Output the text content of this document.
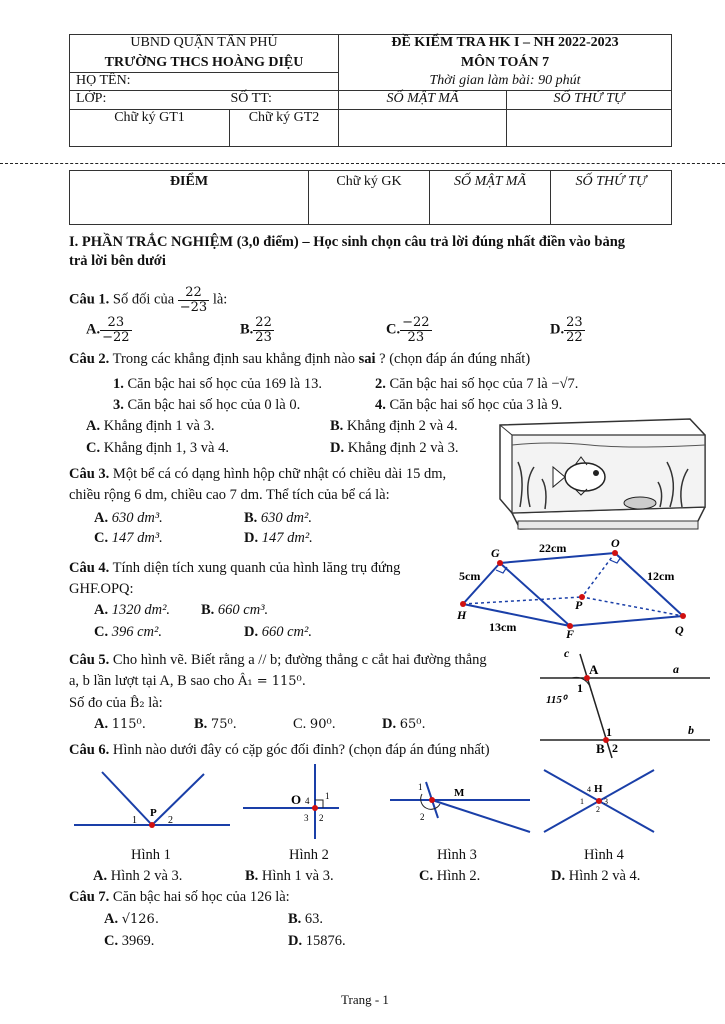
UBND QUẬN TÂN PHÚ	ĐỀ KIỂM TRA HK I – NH 2022-2023	
TRƯỜNG THCS HOÀNG DIỆU	MÔN TOÁN 7	
HỌ TÊN:	Thời gian làm bài: 90 phút	
LỚP: SỐ TT:	SỐ MẬT MÃ	SỐ THỨ TỰ

Chữ ký GT1 Chữ ký GT2		

ĐIỂM	Chữ ký GK	SỐ MẬT MÃ	SỐ THỨ TỰ
I. PHẦN TRẮC NGHIỆM (3,0 điểm) – Học sinh chọn câu trả lời đúng nhất điền vào bảng
trả lời bên dưới
Câu 1. Số đối của $\frac{22}{-23}$ là:
A. $\frac{23}{-22}$	B. $\frac{22}{23}$	C. $\frac{-22}{23}$	D. $\frac{23}{22}$
Câu 2. Trong các khẳng định sau khẳng định nào sai ? (chọn đáp án đúng nhất)
1. Căn bậc hai số học của 169 là 13.	2. Căn bậc hai số học của 7 là −√7.
3. Căn bậc hai số học của 0 là 0.	4. Căn bậc hai số học của 3 là 9.
A. Khẳng định 1 và 3.	B. Khẳng định 2 và 4.
C. Khẳng định 1, 3 và 4.	D. Khẳng định 2 và 3.
Câu 3. Một bể cá có dạng hình hộp chữ nhật có chiều dài 15 dm,
chiều rộng 6 dm, chiều cao 7 dm. Thể tích của bể cá là:
A. 630 dm³.	B. 630 dm².
C. 147 dm³.	D. 147 dm².
Câu 4. Tính diện tích xung quanh của hình lăng trụ đứng
GHF.OPQ:
A. 1320 dm². B. 660 cm³.
C. 396 cm².	D. 660 cm².
G
O
H
P
F	Q
22cm
5cm	12cm
13cm
Câu 5. Cho hình vẽ. Biết rằng a // b; đường thẳng c cắt hai đường thẳng
a, b lần lượt tại A, B sao cho Â₁ = 115⁰.
Số đo của B̂₂ là:
A. 115⁰.	B. 75⁰.	C. 90⁰.	D. 65⁰.
c
a
b
A
B
1
1
2
115⁰
Câu 6. Hình nào dưới đây có cặp góc đối đỉnh? (chọn đáp án đúng nhất)
P
1	2
O 4 1
3 2
M
1
2
H
4
1	3
2
Hình 1	Hình 2	Hình 3	Hình 4
A. Hình 2 và 3.	B. Hình 1 và 3.	C. Hình 2.	D. Hình 2 và 4.
Câu 7. Căn bậc hai số học của 126 là:
A. √126.	B. 63.
C. 3969.	D. 15876.
Trang - 1
